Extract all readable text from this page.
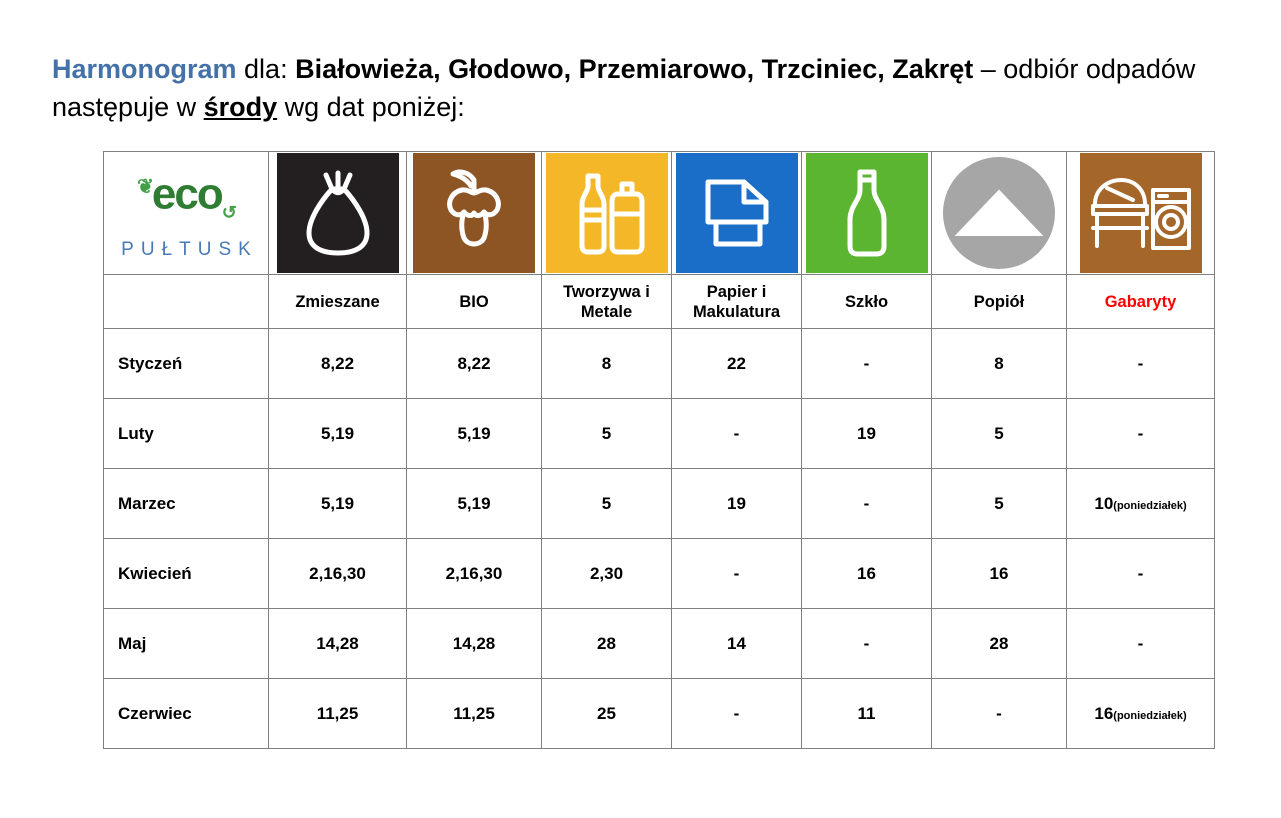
Harmonogram dla: Białowieża, Głodowo, Przemiarowo, Trzciniec, Zakręt – odbiór odpadów następuje w środy wg dat poniżej:
❦eco$_↺$
PUŁTUSK

	Zmieszane	BIO	Tworzywa i Metale	Papier i Makulatura	Szkło	Popiół	Gabaryty
Styczeń	8,22	8,22	8	22	-	8	-
Luty	5,19	5,19	5	-	19	5	-
Marzec	5,19	5,19	5	19	-	5	10(poniedziałek)
Kwiecień	2,16,30	2,16,30	2,30	-	16	16	-
Maj	14,28	14,28	28	14	-	28	-
Czerwiec	11,25	11,25	25	-	11	-	16(poniedziałek)
